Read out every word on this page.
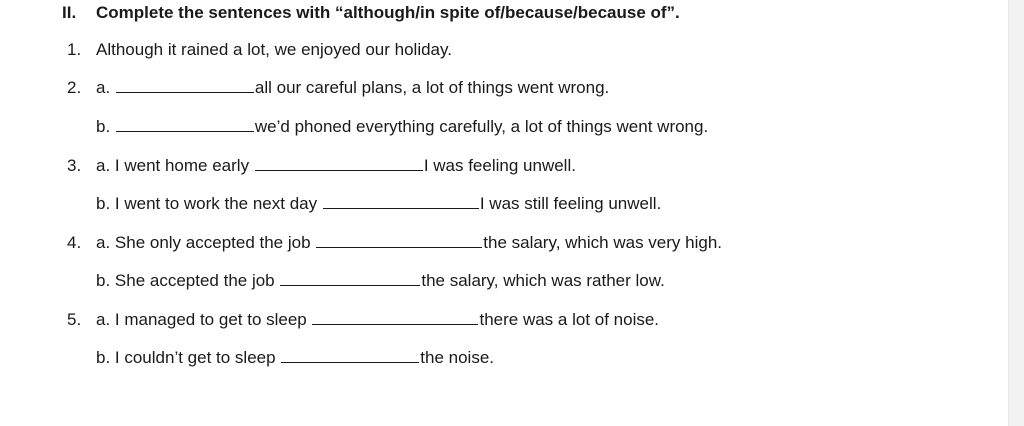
II. Complete the sentences with “although/in spite of/because/because of”.
1. Although it rained a lot, we enjoyed our holiday.
2. a.	all our careful plans, a lot of things went wrong.
b.	we’d phoned everything carefully, a lot of things went wrong.
3. a. I went home early	I was feeling unwell.
b. I went to work the next day	I was still feeling unwell.
4. a. She only accepted the job	the salary, which was very high.
b. She accepted the job	the salary, which was rather low.
5. a. I managed to get to sleep	there was a lot of noise.
b. I couldn’t get to sleep	the noise.
